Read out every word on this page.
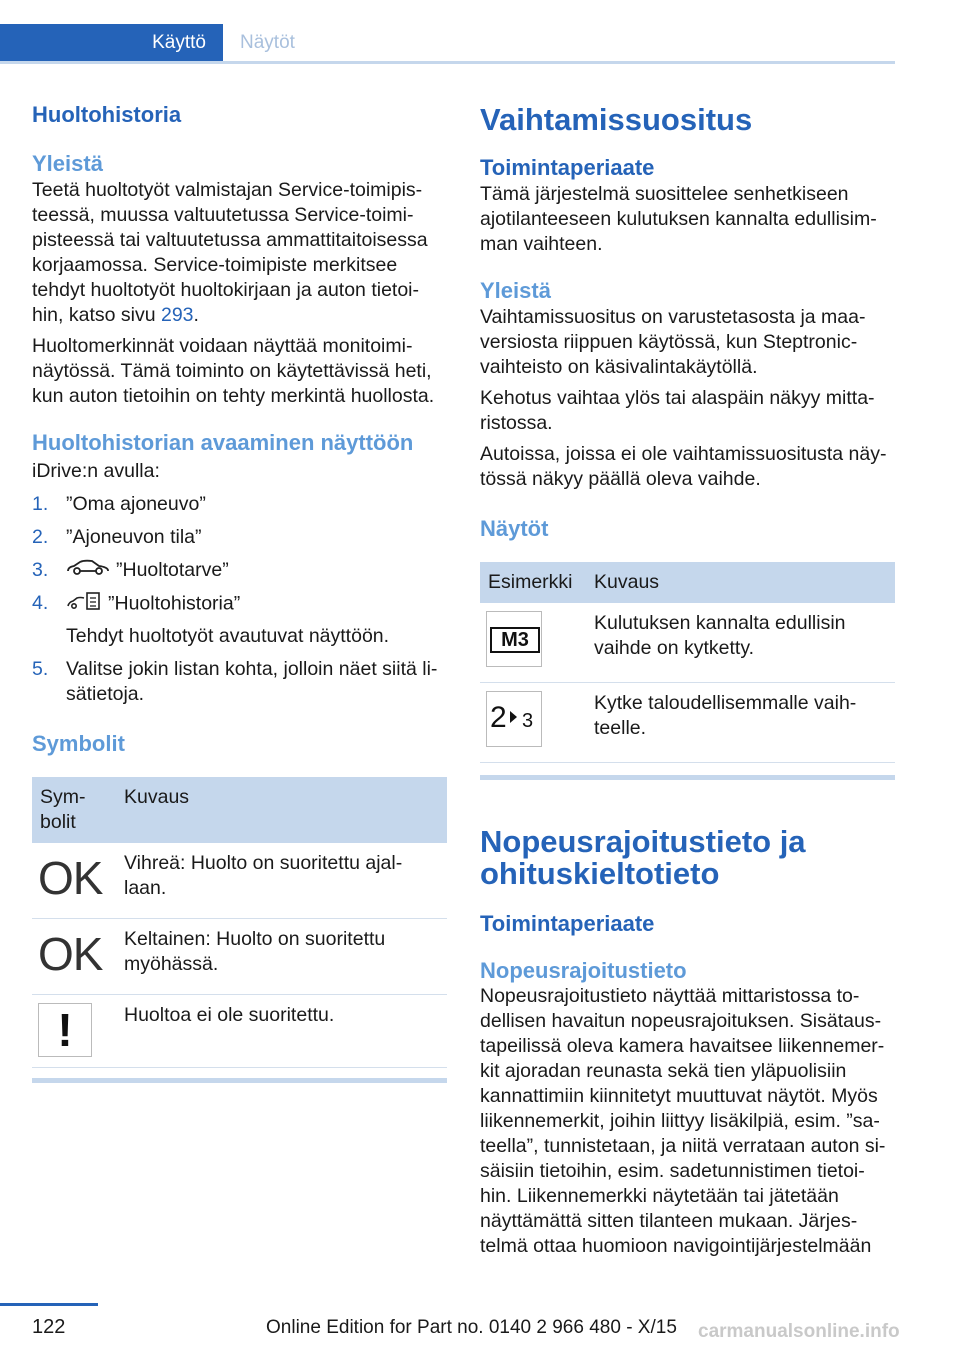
Käyttö	Näytöt
Huoltohistoria
Yleistä

Teetä huoltotyöt valmistajan Service-toimipis-teessä, muussa valtuutetussa Service-toimi-pisteessä tai valtuutetussa ammattitaitoisessa korjaamossa. Service-toimipiste merkitsee tehdyt huoltotyöt huoltokirjaan ja auton tietoi-hin, katso sivu 293.

Huoltomerkinnät voidaan näyttää monitoimi-näytössä. Tämä toiminto on käytettävissä heti, kun auton tietoihin on tehty merkintä huollosta.

Huoltohistorian avaaminen näyttöön

iDrive:n avulla:

1. ”Oma ajoneuvo”
2. ”Ajoneuvon tila”
3.	”Huoltotarve”
4.	”Huoltohistoria”
Tehdyt huoltotyöt avautuvat näyttöön.
5. Valitse jokin listan kohta, jolloin näet siitä li-sätietoja.
Symbolit
Sym-bolit	Kuvaus
OK	Vihreä: Huolto on suoritettu ajal-laan.
OK	Keltainen: Huolto on suoritettu myöhässä.
!	Huoltoa ei ole suoritettu.
Vaihtamissuositus
Toimintaperiaate

Tämä järjestelmä suosittelee senhetkiseen ajotilanteeseen kulutuksen kannalta edullisim-man vaihteen.

Yleistä

Vaihtamissuositus on varustetasosta ja maa-versiosta riippuen käytössä, kun Steptronic-vaihteisto on käsivalintakäytöllä.

Kehotus vaihtaa ylös tai alaspäin näkyy mitta-ristossa.

Autoissa, joissa ei ole vaihtamissuositusta näy-tössä näkyy päällä oleva vaihde.

Näytöt
Esimerkki	Kuvaus

M3	Kulutuksen kannalta edullisin vaihde on kytketty.

2 3	Kytke taloudellisemmalle vaih-teelle.
Nopeusrajoitustieto ja ohituskieltotieto
Toimintaperiaate
Nopeusrajoitustieto

Nopeusrajoitustieto näyttää mittaristossa to-dellisen havaitun nopeusrajoituksen. Sisätaus-tapeilissä oleva kamera havaitsee liikennemer-kit ajoradan reunasta sekä tien yläpuolisiin kannattimiin kiinnitetyt muuttuvat näytöt. Myös liikennemerkit, joihin liittyy lisäkilpiä, esim. ”sa-teella”, tunnistetaan, ja niitä verrataan auton si-säisiin tietoihin, esim. sadetunnistimen tietoi-hin. Liikennemerkki näytetään tai jätetään näyttämättä sitten tilanteen mukaan. Järjes-telmä ottaa huomioon navigointijärjestelmään

122	Online Edition for Part no. 0140 2 966 480 - X/15 carmanualsonline.info
